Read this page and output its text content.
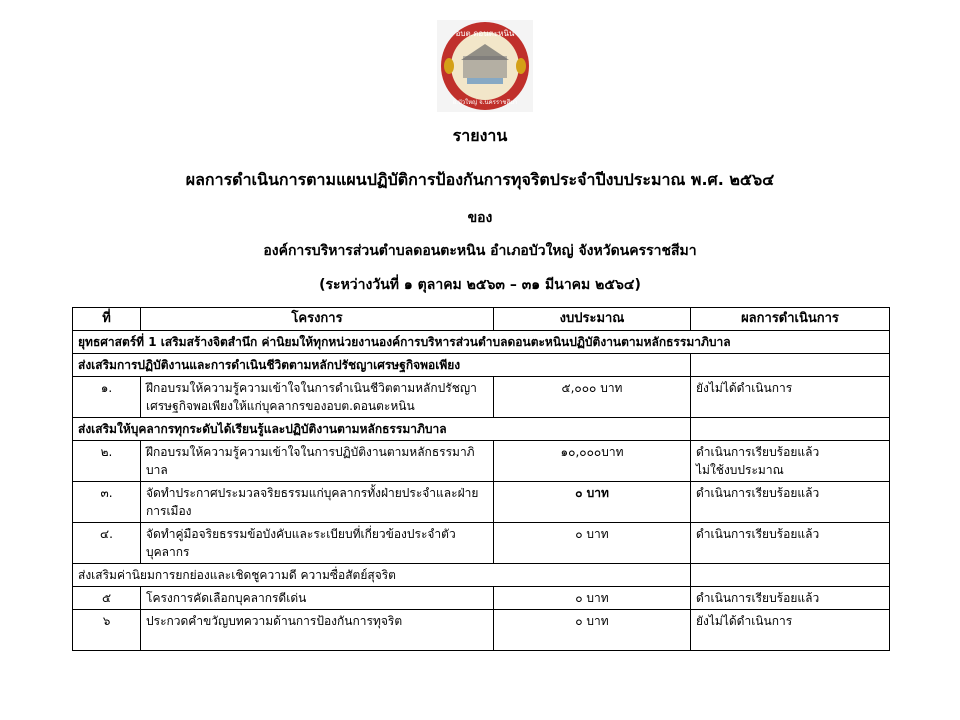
อบต.ดอนตะหนิน
อ.บัวใหญ่ จ.นครราชสีมา
รายงาน
ผลการดำเนินการตามแผนปฏิบัติการป้องกันการทุจริตประจำปีงบประมาณ พ.ศ. ๒๕๖๔
ของ
องค์การบริหารส่วนตำบลดอนตะหนิน อำเภอบัวใหญ่ จังหวัดนครราชสีมา
(ระหว่างวันที่ ๑ ตุลาคม ๒๕๖๓ – ๓๑ มีนาคม ๒๕๖๔)
ที่	โครงการ	งบประมาณ	ผลการดำเนินการ
ยุทธศาสตร์ที่ 1 เสริมสร้างจิตสำนึก ค่านิยมให้ทุกหน่วยงานองค์การบริหารส่วนตำบลดอนตะหนินปฏิบัติงานตามหลักธรรมาภิบาล			
ส่งเสริมการปฏิบัติงานและการดำเนินชีวิตตามหลักปรัชญาเศรษฐกิจพอเพียง			
๑.	ฝึกอบรมให้ความรู้ความเข้าใจในการดำเนินชีวิตตามหลักปรัชญา
เศรษฐกิจพอเพียงให้แก่บุคลากรของอบต.ดอนตะหนิน	๕,๐๐๐ บาท	ยังไม่ได้ดำเนินการ

ส่งเสริมให้บุคลากรทุกระดับได้เรียนรู้และปฏิบัติงานตามหลักธรรมาภิบาล			
๒.	ฝึกอบรมให้ความรู้ความเข้าใจในการปฏิบัติงานตามหลักธรรมาภิบาล	๑๐,๐๐๐บาท	ดำเนินการเรียบร้อยแล้ว
ไม่ใช้งบประมาณ

๓.	จัดทำประกาศประมวลจริยธรรมแก่บุคลากรทั้งฝ่ายประจำและฝ่าย
การเมือง	๐ บาท	ดำเนินการเรียบร้อยแล้ว

๔.	จัดทำคู่มือจริยธรรมข้อบังคับและระเบียบที่เกี่ยวข้องประจำตัวบุคลากร	๐ บาท	ดำเนินการเรียบร้อยแล้ว

ส่งเสริมค่านิยมการยกย่องและเชิดชูความดี ความซื่อสัตย์สุจริต			
๕	โครงการคัดเลือกบุคลากรดีเด่น	๐ บาท	ดำเนินการเรียบร้อยแล้ว

๖	ประกวดคำขวัญบทความด้านการป้องกันการทุจริต	๐ บาท	ยังไม่ได้ดำเนินการ
